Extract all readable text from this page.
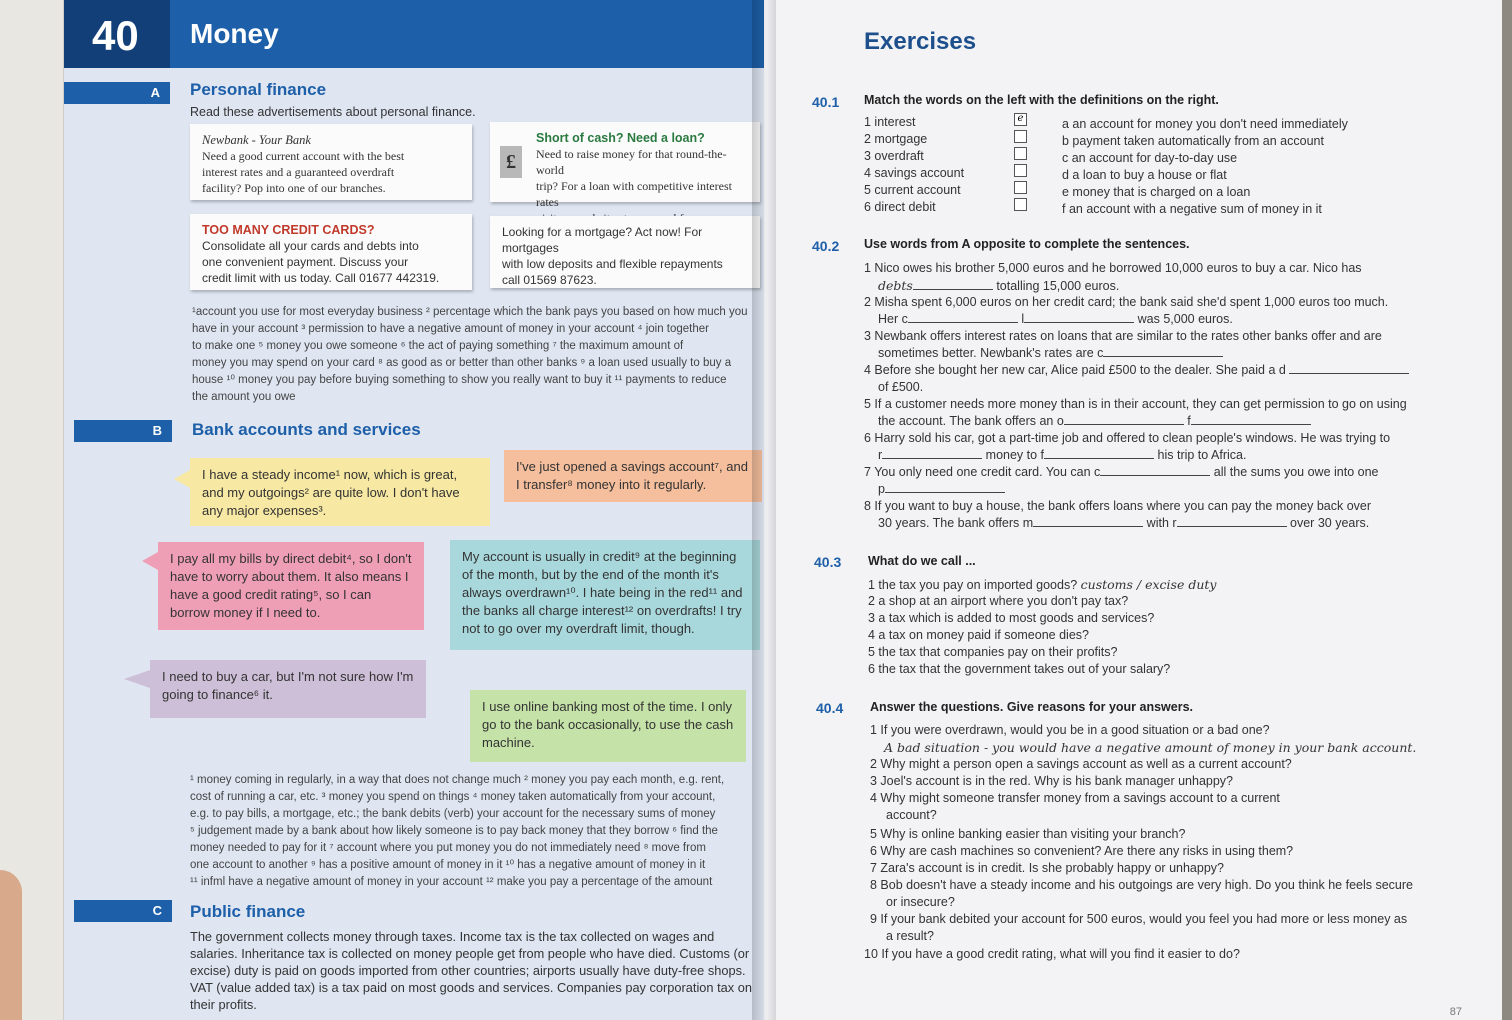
40 Money
A	Personal finance
Read these advertisements about personal finance.
Newbank - Your Bank
Need a good current account with the best
interest rates and a guaranteed overdraft
facility? Pop into one of our branches.
£
Short of cash? Need a loan?
Need to raise money for that round-the-world
trip? For a loan with competitive interest rates
TOO MANY CREDIT CARDS?
Consolidate all your cards and debts into
one convenient payment. Discuss your
credit limit with us today. Call 01677 442319.
Looking for a mortgage? Act now! For mortgages
with low deposits and flexible repayments
call 01569 87623.
¹account you use for most everyday business ² percentage which the bank pays you based on how much you
have in your account ³ permission to have a negative amount of money in your account ⁴ join together
to make one ⁵ money you owe someone ⁶ the act of paying something ⁷ the maximum amount of
money you may spend on your card ⁸ as good as or better than other banks ⁹ a loan used usually to buy a
house ¹⁰ money you pay before buying something to show you really want to buy it ¹¹ payments to reduce
the amount you owe
B	Bank accounts and services
I have a steady income¹ now, which is great, and my outgoings² are quite low. I don't have any major expenses³.
I've just opened a savings account⁷, and I transfer⁸ money into it regularly.
I pay all my bills by direct debit⁴, so I don't have to worry about them. It also means I have a good credit rating⁵, so I can borrow money if I need to.
My account is usually in credit⁹ at the beginning of the month, but by the end of the month it's always overdrawn¹⁰. I hate being in the red¹¹ and the banks all charge interest¹² on overdrafts! I try not to go over my overdraft limit, though.
I need to buy a car, but I'm not sure how I'm going to finance⁶ it.
I use online banking most of the time. I only go to the bank occasionally, to use the cash machine.
¹ money coming in regularly, in a way that does not change much ² money you pay each month, e.g. rent,
cost of running a car, etc. ³ money you spend on things ⁴ money taken automatically from your account,
e.g. to pay bills, a mortgage, etc.; the bank debits (verb) your account for the necessary sums of money
⁵ judgement made by a bank about how likely someone is to pay back money that they borrow ⁶ find the
money needed to pay for it ⁷ account where you put money you do not immediately need ⁸ move from
one account to another ⁹ has a positive amount of money in it ¹⁰ has a negative amount of money in it
¹¹ infml have a negative amount of money in your account ¹² make you pay a percentage of the amount
C	Public finance
The government collects money through taxes. Income tax is the tax collected on wages and
salaries. Inheritance tax is collected on money people get from people who have died. Customs (or
excise) duty is paid on goods imported from other countries; airports usually have duty-free shops.
VAT (value added tax) is a tax paid on most goods and services. Companies pay corporation tax on
their profits.
Exercises
40.1 Match the words on the left with the definitions on the right.
1 interest
2 mortgage
3 overdraft
4 savings account
5 current account
6 direct debit
e	a an account for money you don't need immediately
b payment taken automatically from an account
c an account for day-to-day use
d a loan to buy a house or flat
e money that is charged on a loan
f an account with a negative sum of money in it
40.2 Use words from A opposite to complete the sentences.
1 Nico owes his brother 5,000 euros and he borrowed 10,000 euros to buy a car. Nico has
debts	totalling 15,000 euros.
2 Misha spent 6,000 euros on her credit card; the bank said she'd spent 1,000 euros too much.
Her c	l	was 5,000 euros.
3 Newbank offers interest rates on loans that are similar to the rates other banks offer and are
sometimes better. Newbank's rates are c
4 Before she bought her new car, Alice paid £500 to the dealer. She paid a d
of £500.
5 If a customer needs more money than is in their account, they can get permission to go on using
the account. The bank offers an o	f
6 Harry sold his car, got a part-time job and offered to clean people's windows. He was trying to
r	money to f	his trip to Africa.
7 You only need one credit card. You can c	all the sums you owe into one
p
8 If you want to buy a house, the bank offers loans where you can pay the money back over
30 years. The bank offers m	with r	over 30 years.
40.3 What do we call ...
1 the tax you pay on imported goods? customs / excise duty
2 a shop at an airport where you don't pay tax?
3 a tax which is added to most goods and services?
4 a tax on money paid if someone dies?
5 the tax that companies pay on their profits?
6 the tax that the government takes out of your salary?
40.4 Answer the questions. Give reasons for your answers.
1 If you were overdrawn, would you be in a good situation or a bad one?
A bad situation - you would have a negative amount of money in your bank account.
2 Why might a person open a savings account as well as a current account?
3 Joel's account is in the red. Why is his bank manager unhappy?
4 Why might someone transfer money from a savings account to a current
account?
5 Why is online banking easier than visiting your branch?
6 Why are cash machines so convenient? Are there any risks in using them?
7 Zara's account is in credit. Is she probably happy or unhappy?
8 Bob doesn't have a steady income and his outgoings are very high. Do you think he feels secure
or insecure?
9 If your bank debited your account for 500 euros, would you feel you had more or less money as
a result?
10 If you have a good credit rating, what will you find it easier to do?
87
